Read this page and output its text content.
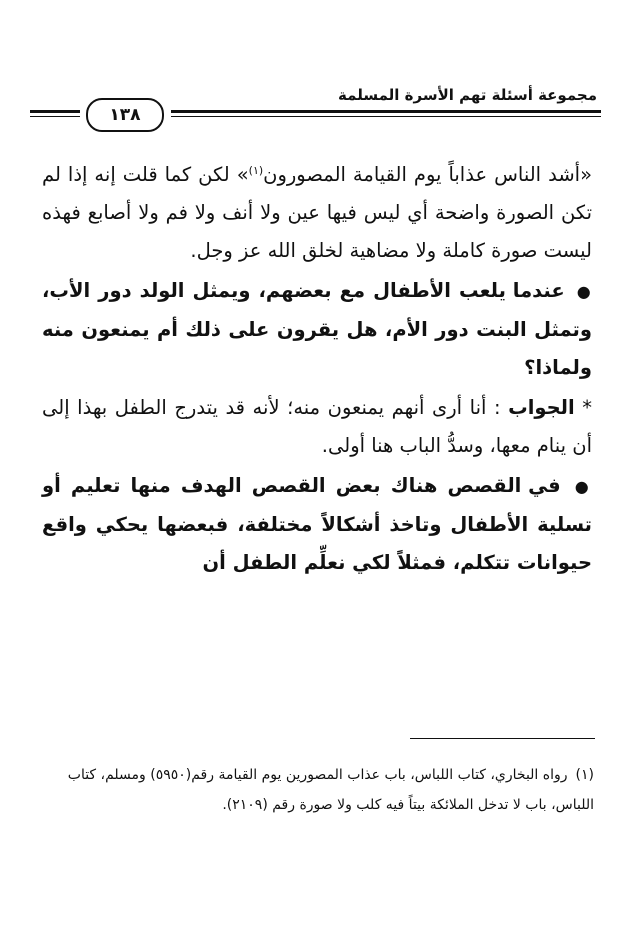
مجموعة أسئلة تهم الأسرة المسلمة
١٣٨

«أشد الناس عذاباً يوم القيامة المصورون$^{(١)}$» لكن كما قلت إنه إذا لم تكن الصورة واضحة أي ليس فيها عين ولا أنف ولا فم ولا أصابع فهذه ليست صورة كاملة ولا مضاهية لخلق الله عز وجل.

● عندما يلعب الأطفال مع بعضهم، ويمثل الولد دور الأب، وتمثل البنت دور الأم، هل يقرون على ذلك أم يمنعون منه ولماذا؟

* الجواب : أنا أرى أنهم يمنعون منه؛ لأنه قد يتدرج الطفل بهذا إلى أن ينام معها، وسدُّ الباب هنا أولى.

● في القصص هناك بعض القصص الهدف منها تعليم أو تسلية الأطفال وتاخذ أشكالاً مختلفة، فبعضها يحكي واقع حيوانات تتكلم، فمثلاً لكي نعلِّم الطفل أن

(١)رواه البخاري، كتاب اللباس، باب عذاب المصورين يوم القيامة رقم(٥٩٥٠) ومسلم، كتاب اللباس، باب لا تدخل الملائكة بيتاً فيه كلب ولا صورة رقم (٢١٠٩).
